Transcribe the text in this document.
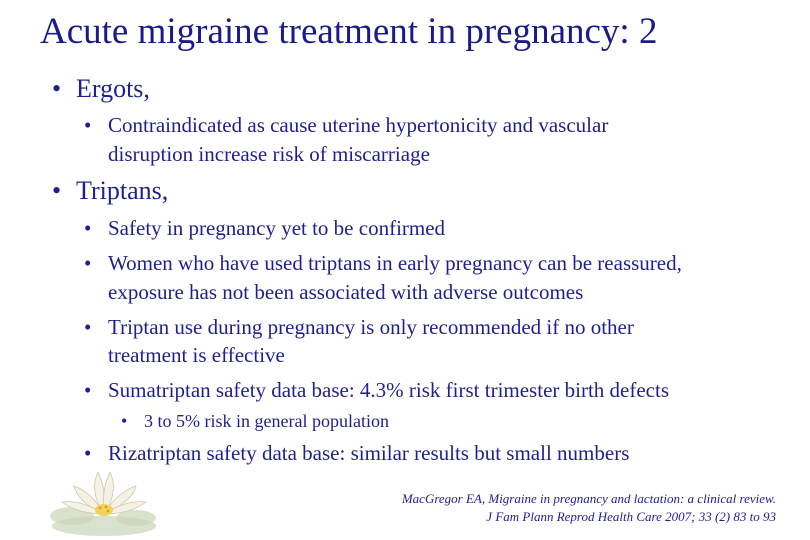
Acute migraine treatment in pregnancy: 2
• Ergots,
• Contraindicated as cause uterine hypertonicity and vascular
disruption increase risk of miscarriage
• Triptans,
• Safety in pregnancy yet to be confirmed
• Women who have used triptans in early pregnancy can be reassured,
exposure has not been associated with adverse outcomes
• Triptan use during pregnancy is only recommended if no other
treatment is effective
• Sumatriptan safety data base: 4.3% risk first trimester birth defects
• 3 to 5% risk in general population
• Rizatriptan safety data base: similar results but small numbers
MacGregor EA, Migraine in pregnancy and lactation: a clinical review.
J Fam Plann Reprod Health Care 2007; 33 (2) 83 to 93
